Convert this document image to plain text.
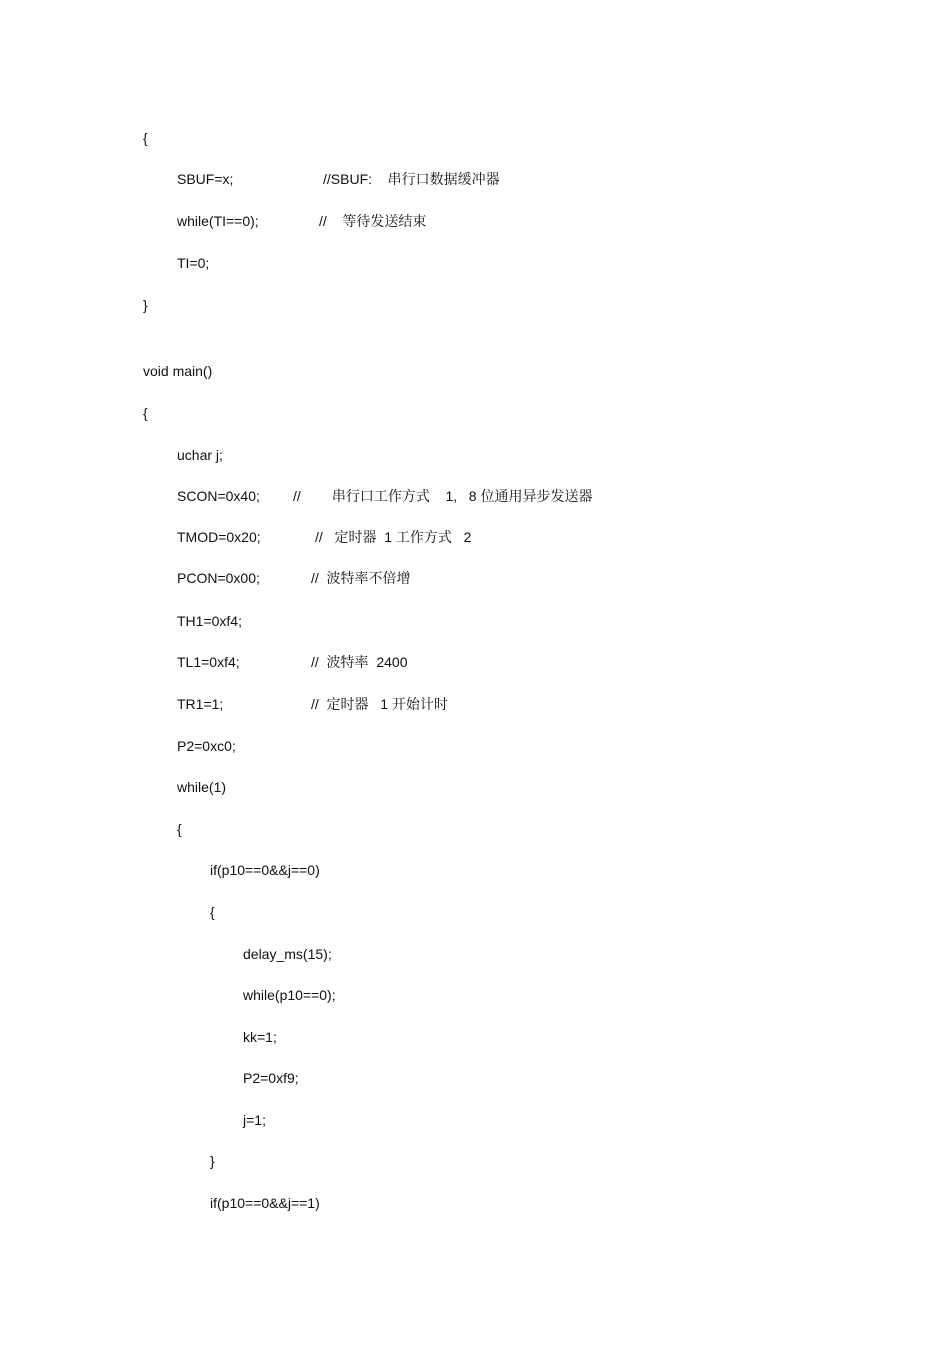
{

SBUF=x;

	//SBUF:    串行口数据缓冲器

while(TI==0);

	//    等待发送结束

TI=0;

}

void main()

{

uchar j;

SCON=0x40;

//        串行口工作方式    1,   8 位通用异步发送器

TMOD=0x20;

	//   定时器  1 工作方式   2

PCON=0x00;

	//  波特率不倍增

TH1=0xf4;

TL1=0xf4;

	//  波特率  2400

TR1=1;

	//  定时器   1 开始计时

P2=0xc0;

while(1)

{

if(p10==0&&j==0)

{

delay_ms(15);

while(p10==0);

kk=1;

P2=0xf9;

j=1;

}

if(p10==0&&j==1)
